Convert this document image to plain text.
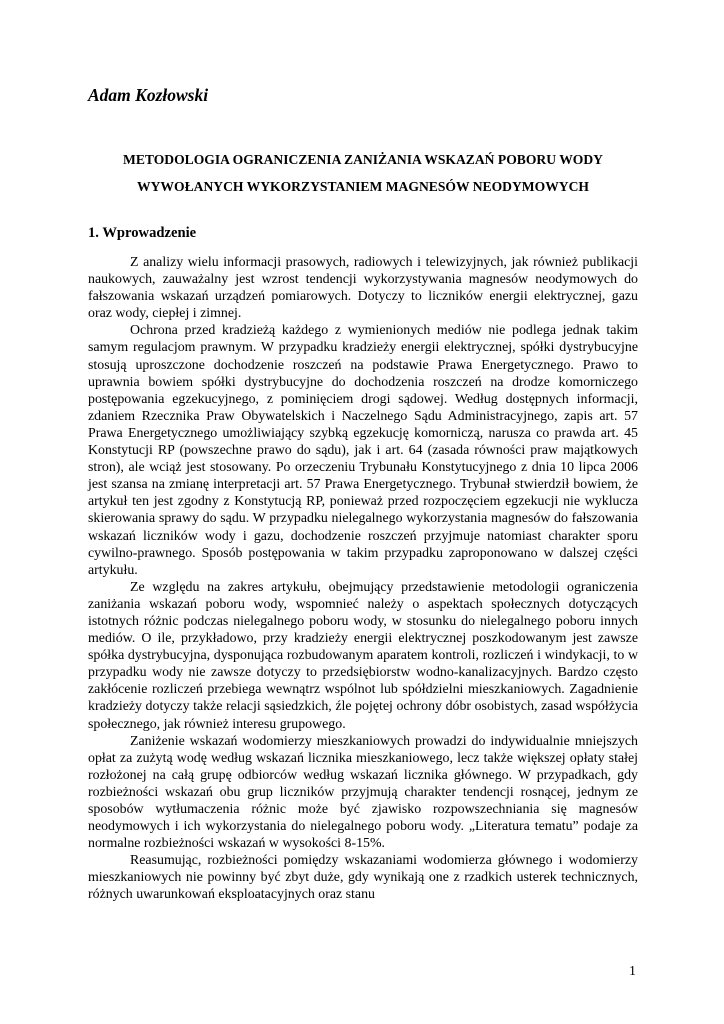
Adam Kozłowski

METODOLOGIA OGRANICZENIA ZANIŻANIA WSKAZAŃ POBORU WODY
WYWOŁANYCH WYKORZYSTANIEM MAGNESÓW NEODYMOWYCH
1. Wprowadzenie

Z analizy wielu informacji prasowych, radiowych i telewizyjnych, jak również publikacji naukowych, zauważalny jest wzrost tendencji wykorzystywania magnesów neodymowych do fałszowania wskazań urządzeń pomiarowych. Dotyczy to liczników energii elektrycznej, gazu oraz wody, ciepłej i zimnej.

Ochrona przed kradzieżą każdego z wymienionych mediów nie podlega jednak takim samym regulacjom prawnym. W przypadku kradzieży energii elektrycznej, spółki dystrybucyjne stosują uproszczone dochodzenie roszczeń na podstawie Prawa Energetycznego. Prawo to uprawnia bowiem spółki dystrybucyjne do dochodzenia roszczeń na drodze komorniczego postępowania egzekucyjnego, z pominięciem drogi sądowej. Według dostępnych informacji, zdaniem Rzecznika Praw Obywatelskich i Naczelnego Sądu Administracyjnego, zapis art. 57 Prawa Energetycznego umożliwiający szybką egzekucję komorniczą, narusza co prawda art. 45 Konstytucji RP (powszechne prawo do sądu), jak i art. 64 (zasada równości praw majątkowych stron), ale wciąż jest stosowany. Po orzeczeniu Trybunału Konstytucyjnego z dnia 10 lipca 2006 jest szansa na zmianę interpretacji art. 57 Prawa Energetycznego. Trybunał stwierdził bowiem, że artykuł ten jest zgodny z Konstytucją RP, ponieważ przed rozpoczęciem egzekucji nie wyklucza skierowania sprawy do sądu. W przypadku nielegalnego wykorzystania magnesów do fałszowania wskazań liczników wody i gazu, dochodzenie roszczeń przyjmuje natomiast charakter sporu cywilno-prawnego. Sposób postępowania w takim przypadku zaproponowano w dalszej części artykułu.

Ze względu na zakres artykułu, obejmujący przedstawienie metodologii ograniczenia zaniżania wskazań poboru wody, wspomnieć należy o aspektach społecznych dotyczących istotnych różnic podczas nielegalnego poboru wody, w stosunku do nielegalnego poboru innych mediów. O ile, przykładowo, przy kradzieży energii elektrycznej poszkodowanym jest zawsze spółka dystrybucyjna, dysponująca rozbudowanym aparatem kontroli, rozliczeń i windykacji, to w przypadku wody nie zawsze dotyczy to przedsiębiorstw wodno-kanalizacyjnych. Bardzo często zakłócenie rozliczeń przebiega wewnątrz wspólnot lub spółdzielni mieszkaniowych. Zagadnienie kradzieży dotyczy także relacji sąsiedzkich, źle pojętej ochrony dóbr osobistych, zasad współżycia społecznego, jak również interesu grupowego.

Zaniżenie wskazań wodomierzy mieszkaniowych prowadzi do indywidualnie mniejszych opłat za zużytą wodę według wskazań licznika mieszkaniowego, lecz także większej opłaty stałej rozłożonej na całą grupę odbiorców według wskazań licznika głównego. W przypadkach, gdy rozbieżności wskazań obu grup liczników przyjmują charakter tendencji rosnącej, jednym ze sposobów wytłumaczenia różnic może być zjawisko rozpowszechniania się magnesów neodymowych i ich wykorzystania do nielegalnego poboru wody. „Literatura tematu” podaje za normalne rozbieżności wskazań w wysokości 8-15%.

Reasumując, rozbieżności pomiędzy wskazaniami wodomierza głównego i wodomierzy mieszkaniowych nie powinny być zbyt duże, gdy wynikają one z rzadkich usterek technicznych, różnych uwarunkowań eksploatacyjnych oraz stanu

1
